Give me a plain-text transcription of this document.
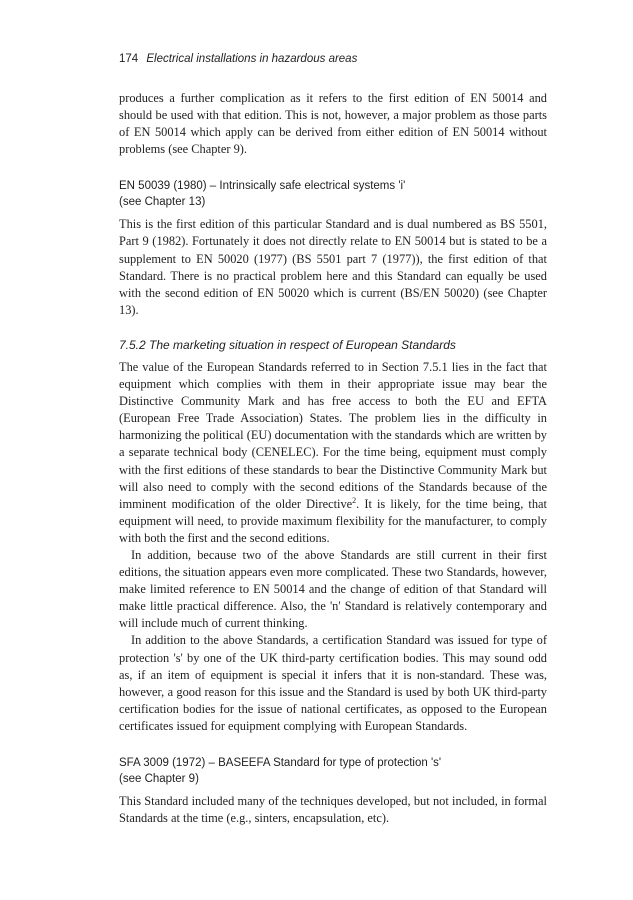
174 Electrical installations in hazardous areas

produces a further complication as it refers to the first edition of EN 50014 and should be used with that edition. This is not, however, a major problem as those parts of EN 50014 which apply can be derived from either edition of EN 50014 without problems (see Chapter 9).

EN 50039 (1980) – Intrinsically safe electrical systems 'i'
(see Chapter 13)

This is the first edition of this particular Standard and is dual numbered as BS 5501, Part 9 (1982). Fortunately it does not directly relate to EN 50014 but is stated to be a supplement to EN 50020 (1977) (BS 5501 part 7 (1977)), the first edition of that Standard. There is no practical problem here and this Standard can equally be used with the second edition of EN 50020 which is current (BS/EN 50020) (see Chapter 13).

7.5.2 The marketing situation in respect of European Standards

The value of the European Standards referred to in Section 7.5.1 lies in the fact that equipment which complies with them in their appropriate issue may bear the Distinctive Community Mark and has free access to both the EU and EFTA (European Free Trade Association) States. The problem lies in the difficulty in harmonizing the political (EU) documentation with the standards which are written by a separate technical body (CENELEC). For the time being, equipment must comply with the first editions of these standards to bear the Distinctive Community Mark but will also need to comply with the second editions of the Standards because of the imminent modification of the older Directive$^2$. It is likely, for the time being, that equipment will need, to provide maximum flexibility for the manufacturer, to comply with both the first and the second editions.

In addition, because two of the above Standards are still current in their first editions, the situation appears even more complicated. These two Standards, however, make limited reference to EN 50014 and the change of edition of that Standard will make little practical difference. Also, the 'n' Standard is relatively contemporary and will include much of current thinking.

In addition to the above Standards, a certification Standard was issued for type of protection 's' by one of the UK third-party certification bodies. This may sound odd as, if an item of equipment is special it infers that it is non-standard. These was, however, a good reason for this issue and the Standard is used by both UK third-party certification bodies for the issue of national certificates, as opposed to the European certificates issued for equipment complying with European Standards.

SFA 3009 (1972) – BASEEFA Standard for type of protection 's'
(see Chapter 9)

This Standard included many of the techniques developed, but not included, in formal Standards at the time (e.g., sinters, encapsulation, etc).
